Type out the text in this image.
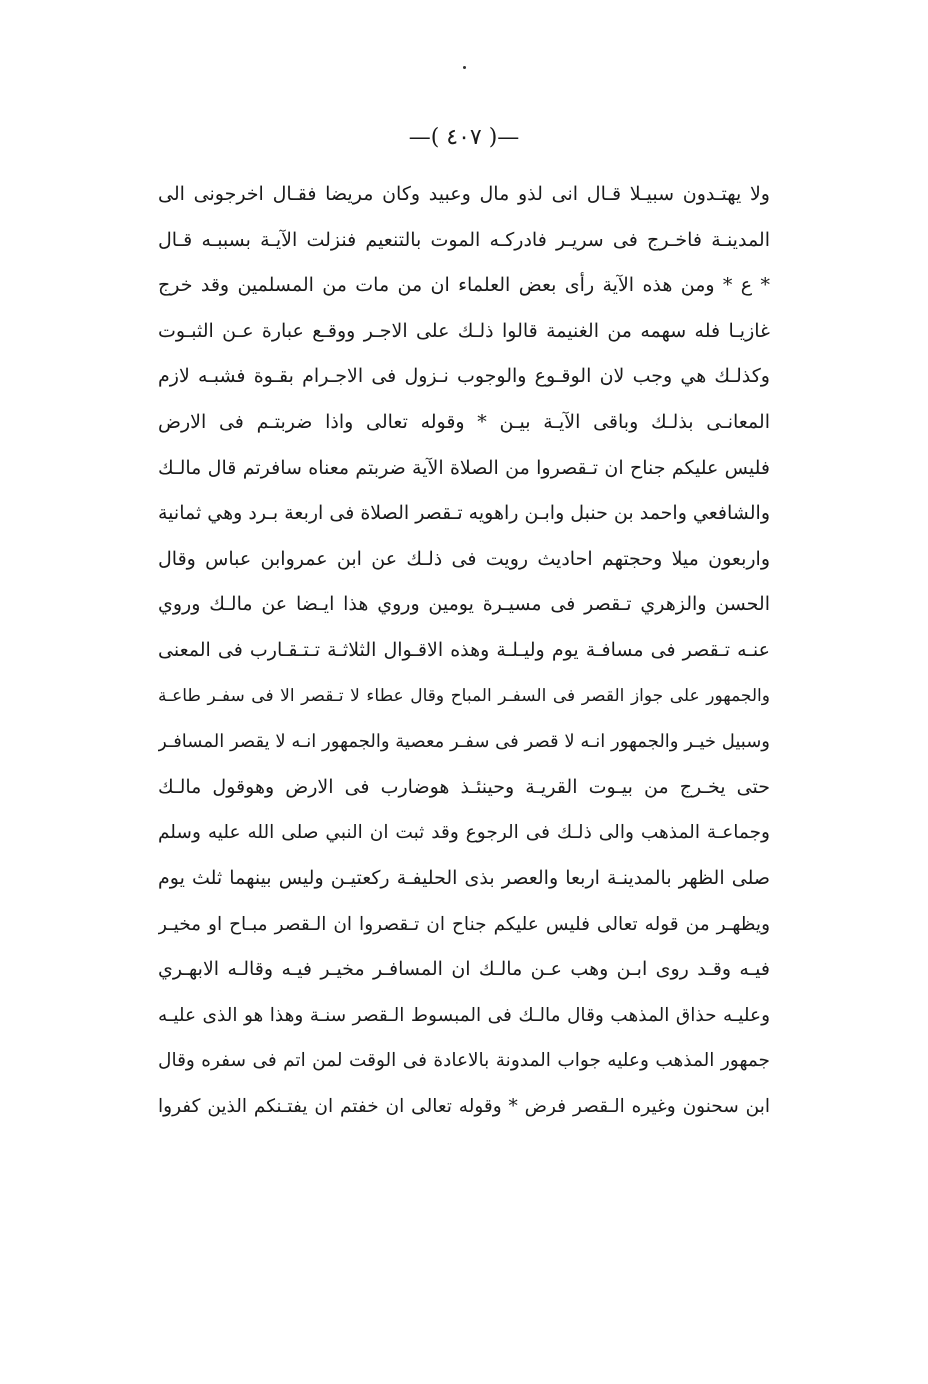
—( ٤٠٧ )—
ولا يهتـدون سبيـلا قـال انى لذو مال وعبيد وكان مريضا فقـال اخرجونى الى
المدينـة فاخـرج فى سريـر فادركـه الموت بالتنعيم فنزلت الآيـة بسببـه قـال
* ع * ومن هذه الآية رأى بعض العلماء ان من مات من المسلمين وقد خرج
غازيـا فله سهمه من الغنيمة قالوا ذلـك على الاجـر ووقـع عبارة عـن الثبـوت
وكذلـك هي وجب لان الوقـوع والوجوب نـزول فى الاجـرام بقـوة فشبـه لازم
المعانـى بذلـك وباقى الآيـة بيـن * وقوله تعالى واذا ضربتـم فى الارض
فليس عليكم جناح ان تـقصروا من الصلاة الآية ضربتم معناه سافرتم قال مالـك
والشافعي واحمد بن حنبل وابـن راهويه تـقصر الصلاة فى اربعة بـرد وهي ثمانية
واربعون ميلا وحجتهم احاديث رويت فى ذلـك عن ابن عمروابن عباس وقال
الحسن والزهري تـقصر فى مسيـرة يومين وروي هذا ايـضا عن مالـك وروي
عنـه تـقصر فى مسافـة يوم وليـلـة وهذه الاقـوال الثلاثـة تـتـقـارب فى المعنى
والجمهور على جواز القصر فى السفـر المباح وقال عطاء لا تـقصر الا فى سفـر طاعـة
وسبيل خيـر والجمهور انـه لا قصر فى سفـر معصية والجمهور انـه لا يقصر المسافـر
حتى يخـرج من بيـوت القريـة وحينئـذ هوضارب فى الارض وهوقول مالـك
وجماعـة المذهب والى ذلـك فى الرجوع وقد ثبت ان النبي صلى الله عليه وسلم
صلى الظهر بالمدينـة اربعا والعصر بذى الحليفـة ركعتيـن وليس بينهما ثلث يوم
ويظهـر من قوله تعالى فليس عليكم جناح ان تـقصروا ان الـقصر مبـاح او مخيـر
فيـه وقـد روى ابـن وهب عـن مالـك ان المسافـر مخيـر فيـه وقالـه الابهـري
وعليـه حذاق المذهب وقال مالـك فى المبسوط الـقصر سنـة وهذا هو الذى عليـه
جمهور المذهب وعليه جواب المدونة بالاعادة فى الوقت لمن اتم فى سفره وقال
ابن سحنون وغيره الـقصر فرض * وقوله تعالى ان خفتم ان يفتـنكم الذين كفروا
